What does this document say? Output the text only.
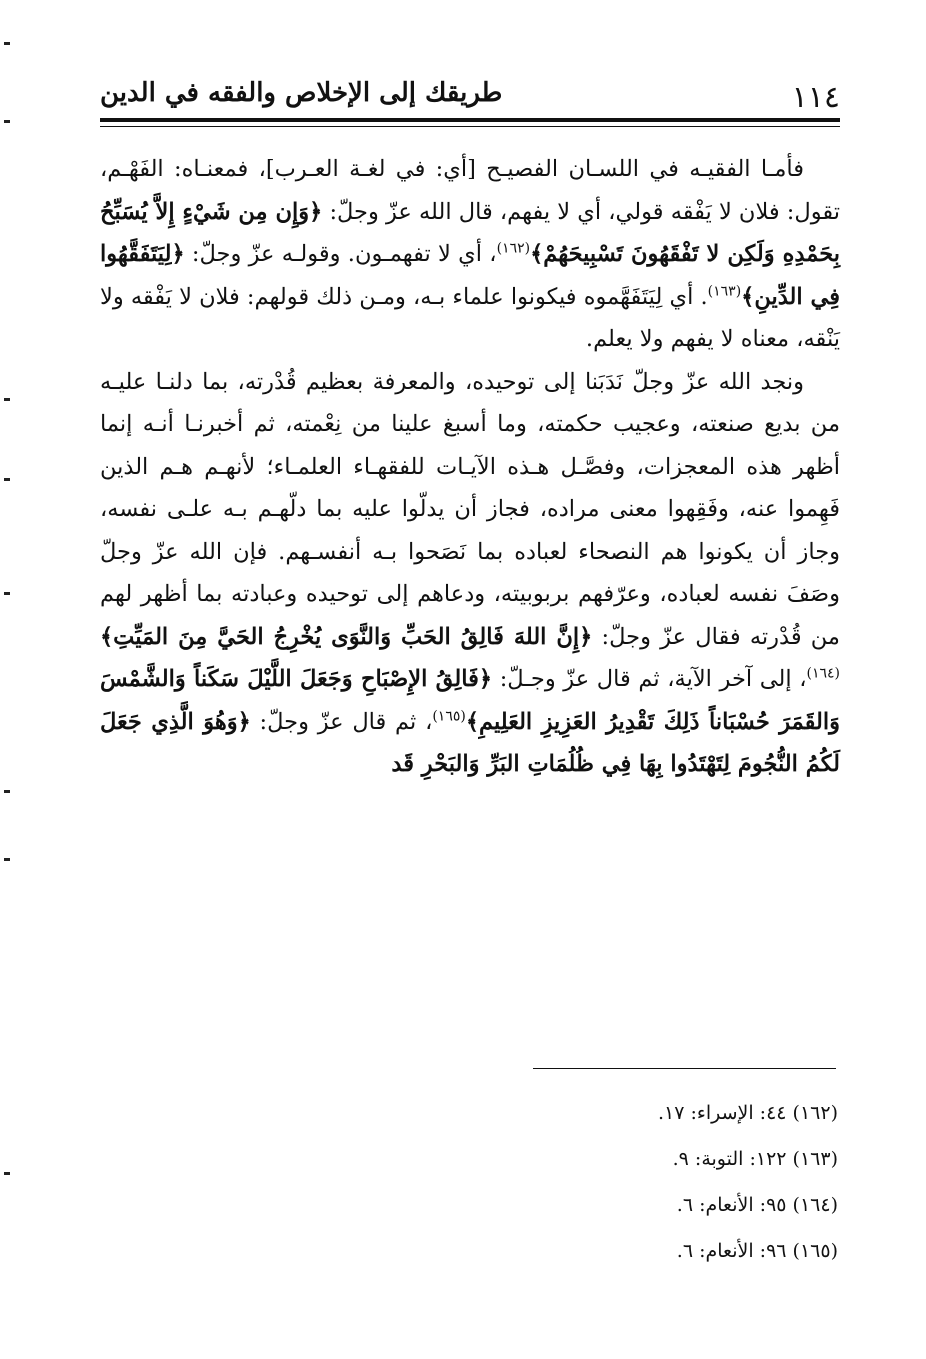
١١٤
طريقك إلى الإخلاص والفقه في الدين

فأمـا الفقيـه في اللسـان الفصيـح [أي: في لغـة العـرب]، فمعنـاه: الفَهْـم، تقول: فلان لا يَفْقه قولي، أي لا يفهم، قال الله عزّ وجلّ: ﴿وَإِن مِن شَيْءٍ إِلاَّ يُسَبِّحُ بِحَمْدِهِ وَلَكِن لا تَفْقَهُونَ تَسْبِيحَهُمْ﴾$^{(١٦٢)}$، أي لا تفهمـون. وقولـه عزّ وجلّ: ﴿لِيَتَفَقَّهُوا فِي الدِّينِ﴾$^{(١٦٣)}$. أي لِيَتَفَهَّموه فيكونوا علماء بـه، ومـن ذلك قولهم: فلان لا يَفْقه ولا يَنْقه، معناه لا يفهم ولا يعلم.

ونجد الله عزّ وجلّ نَدَبَنا إلى توحيده، والمعرفة بعظيم قُدْرته، بما دلنـا عليـه من بديع صنعته، وعجيب حكمته، وما أسبغ علينا من نِعْمته، ثم أخبرنـا أنـه إنما أظهر هذه المعجزات، وفصَّـل هـذه الآيـات للفقهـاء العلمـاء؛ لأنهـم هـم الذين فَهِموا عنه، وفَقِهوا معنى مراده، فجاز أن يدلّوا عليه بما دلّهـم بـه علـى نفسه، وجاز أن يكونوا هم النصحاء لعباده بما نَصَحوا بـه أنفسـهم. فإن الله عزّ وجلّ وصَفَ نفسه لعباده، وعرّفهم بربوبيته، ودعاهم إلى توحيده وعبادته بما أظهر لهم من قُدْرته فقال عزّ وجلّ: ﴿إِنَّ اللهَ فَالِقُ الحَبِّ وَالنَّوَى يُخْرِجُ الحَيَّ مِنَ المَيِّتِ﴾$^{(١٦٤)}$، إلى آخر الآية، ثم قال عزّ وجـلّ: ﴿فَالِقُ الإِصْبَاحِ وَجَعَلَ اللَّيْلَ سَكَناً وَالشَّمْسَ وَالقَمَرَ حُسْبَاناً ذَلِكَ تَقْدِيرُ العَزِيزِ العَلِيمِ﴾$^{(١٦٥)}$، ثم قال عزّ وجلّ: ﴿وَهُوَ الَّذِي جَعَلَ لَكُمُ النُّجُومَ لِتَهْتَدُوا بِهَا فِي ظُلُمَاتِ البَرِّ وَالبَحْرِ قَد

(١٦٢) ٤٤: الإسراء: ١٧.
(١٦٣) ١٢٢: التوبة: ٩.
(١٦٤) ٩٥: الأنعام: ٦.
(١٦٥) ٩٦: الأنعام: ٦.
